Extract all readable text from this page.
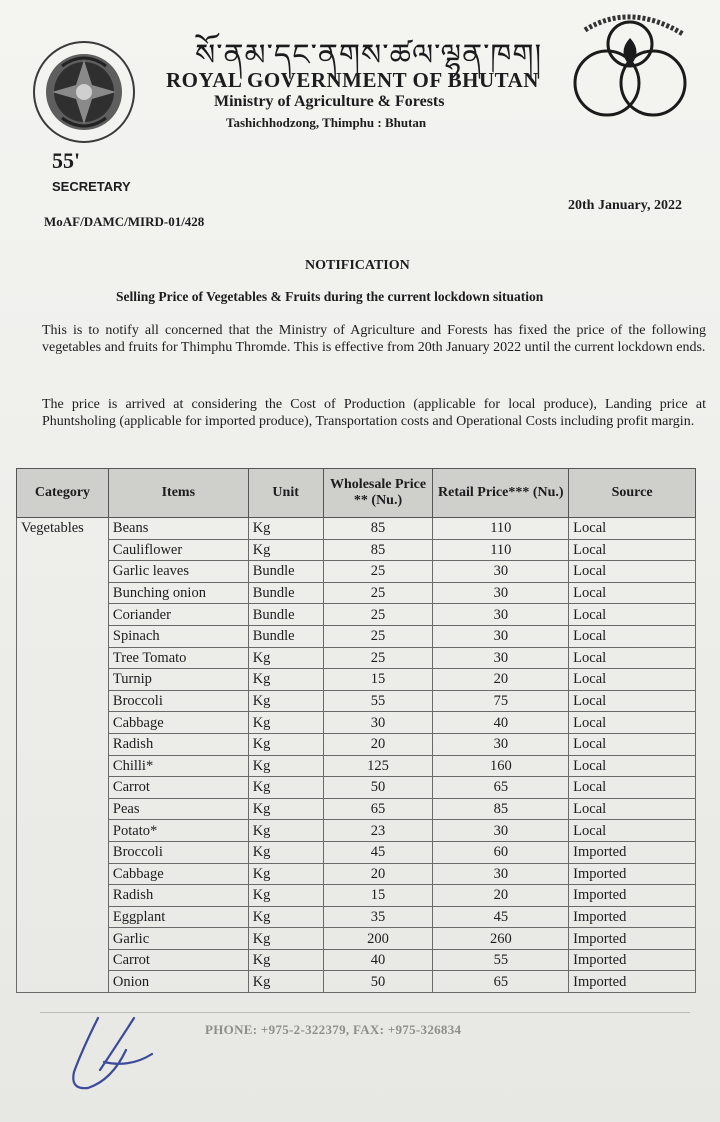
སོ་ནམ་དང་ནགས་ཚལ་ལྷན་ཁག།
ROYAL GOVERNMENT OF BHUTAN
Ministry of Agriculture & Forests
Tashichhodzong, Thimphu : Bhutan
55'
SECRETARY
MoAF/DAMC/MIRD-01/428
20th January, 2022
NOTIFICATION
Selling Price of Vegetables & Fruits during the current lockdown situation
This is to notify all concerned that the Ministry of Agriculture and Forests has fixed the price of the following vegetables and fruits for Thimphu Thromde. This is effective from 20th January 2022 until the current lockdown ends.
The price is arrived at considering the Cost of Production (applicable for local produce), Landing price at Phuntsholing (applicable for imported produce), Transportation costs and Operational Costs including profit margin.
Category	Items	Unit	Wholesale Price ** (Nu.)	Retail Price*** (Nu.)	Source
Vegetables	Beans	Kg	85	110	Local
	Cauliflower	Kg	85	110	Local
	Garlic leaves	Bundle	25	30	Local
	Bunching onion	Bundle	25	30	Local
	Coriander	Bundle	25	30	Local
	Spinach	Bundle	25	30	Local
	Tree Tomato	Kg	25	30	Local
	Turnip	Kg	15	20	Local
	Broccoli	Kg	55	75	Local
	Cabbage	Kg	30	40	Local
	Radish	Kg	20	30	Local
	Chilli*	Kg	125	160	Local
	Carrot	Kg	50	65	Local
	Peas	Kg	65	85	Local
	Potato*	Kg	23	30	Local
	Broccoli	Kg	45	60	Imported
	Cabbage	Kg	20	30	Imported
	Radish	Kg	15	20	Imported
	Eggplant	Kg	35	45	Imported
	Garlic	Kg	200	260	Imported
	Carrot	Kg	40	55	Imported
	Onion	Kg	50	65	Imported
PHONE: +975-2-322379, FAX: +975-326834
